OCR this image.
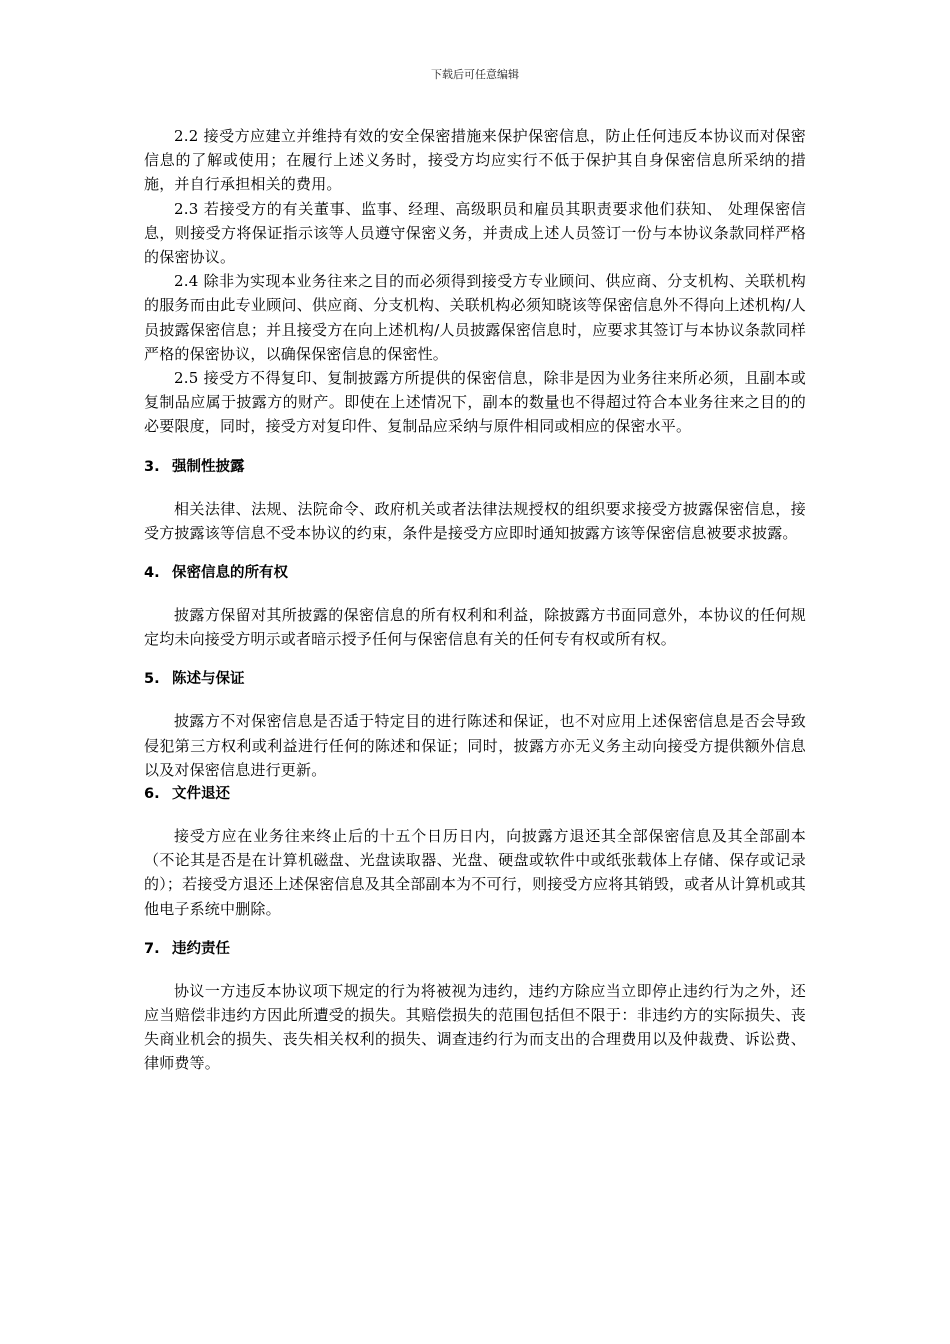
下载后可任意编辑

2.2 接受方应建立并维持有效的安全保密措施来保护保密信息，防止任何违反本协议而对保密信息的了解或使用；在履行上述义务时，接受方均应实行不低于保护其自身保密信息所采纳的措施，并自行承担相关的费用。

2.3 若接受方的有关董事、监事、经理、高级职员和雇员其职责要求他们获知、 处理保密信息，则接受方将保证指示该等人员遵守保密义务，并责成上述人员签订一份与本协议条款同样严格的保密协议。

2.4 除非为实现本业务往来之目的而必须得到接受方专业顾问、供应商、分支机构、关联机构的服务而由此专业顾问、供应商、分支机构、关联机构必须知晓该等保密信息外不得向上述机构/人员披露保密信息；并且接受方在向上述机构/人员披露保密信息时，应要求其签订与本协议条款同样严格的保密协议，以确保保密信息的保密性。

2.5 接受方不得复印、复制披露方所提供的保密信息，除非是因为业务往来所必须，且副本或复制品应属于披露方的财产。即使在上述情况下，副本的数量也不得超过符合本业务往来之目的的必要限度，同时，接受方对复印件、复制品应采纳与原件相同或相应的保密水平。

3. 强制性披露

相关法律、法规、法院命令、政府机关或者法律法规授权的组织要求接受方披露保密信息，接受方披露该等信息不受本协议的约束，条件是接受方应即时通知披露方该等保密信息被要求披露。

4. 保密信息的所有权

披露方保留对其所披露的保密信息的所有权利和利益，除披露方书面同意外，本协议的任何规定均未向接受方明示或者暗示授予任何与保密信息有关的任何专有权或所有权。

5. 陈述与保证

披露方不对保密信息是否适于特定目的进行陈述和保证，也不对应用上述保密信息是否会导致侵犯第三方权利或利益进行任何的陈述和保证；同时，披露方亦无义务主动向接受方提供额外信息以及对保密信息进行更新。

6. 文件退还

接受方应在业务往来终止后的十五个日历日内，向披露方退还其全部保密信息及其全部副本（不论其是否是在计算机磁盘、光盘读取器、光盘、硬盘或软件中或纸张载体上存储、保存或记录的）；若接受方退还上述保密信息及其全部副本为不可行，则接受方应将其销毁，或者从计算机或其他电子系统中删除。

7. 违约责任

协议一方违反本协议项下规定的行为将被视为违约，违约方除应当立即停止违约行为之外，还应当赔偿非违约方因此所遭受的损失。其赔偿损失的范围包括但不限于：非违约方的实际损失、丧失商业机会的损失、丧失相关权利的损失、调查违约行为而支出的合理费用以及仲裁费、诉讼费、律师费等。
